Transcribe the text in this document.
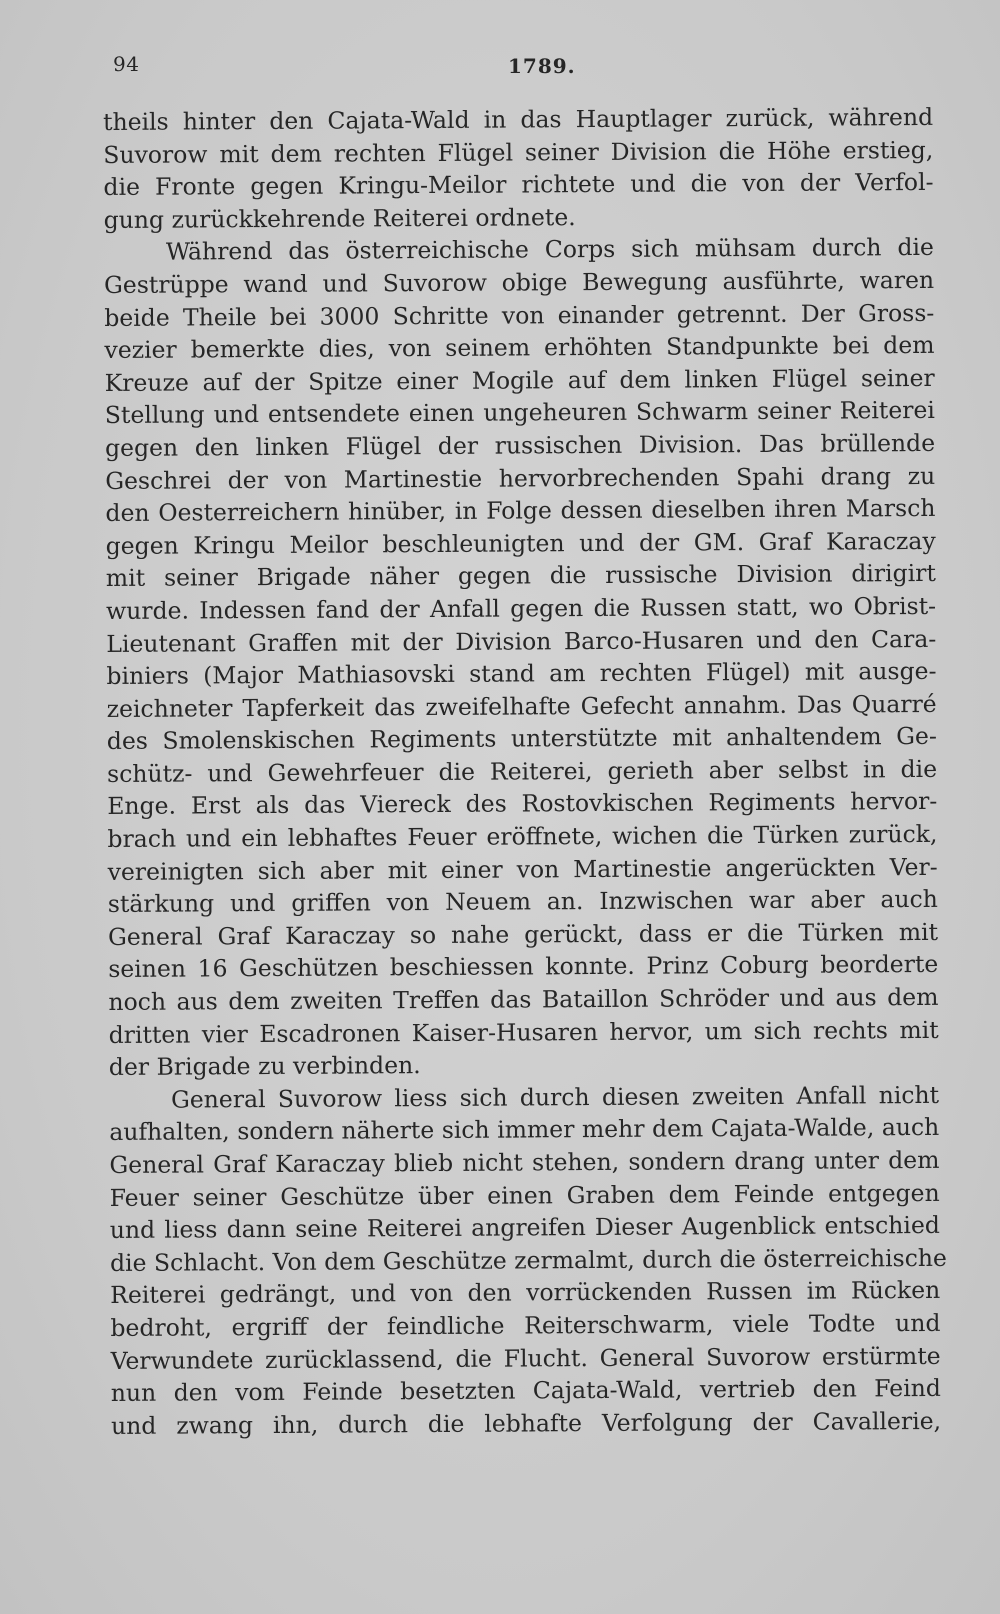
94	1789.
theils hinter den Cajata-Wald in das Hauptlager zurück, während
Suvorow mit dem rechten Flügel seiner Division die Höhe erstieg,
die Fronte gegen Kringu-Meilor richtete und die von der Verfol-
gung zurückkehrende Reiterei ordnete.
Während das österreichische Corps sich mühsam durch die
Gestrüppe wand und Suvorow obige Bewegung ausführte, waren
beide Theile bei 3000 Schritte von einander getrennt. Der Gross-
vezier bemerkte dies, von seinem erhöhten Standpunkte bei dem
Kreuze auf der Spitze einer Mogile auf dem linken Flügel seiner
Stellung und entsendete einen ungeheuren Schwarm seiner Reiterei
gegen den linken Flügel der russischen Division. Das brüllende
Geschrei der von Martinestie hervorbrechenden Spahi drang zu
den Oesterreichern hinüber, in Folge dessen dieselben ihren Marsch
gegen Kringu Meilor beschleunigten und der GM. Graf Karaczay
mit seiner Brigade näher gegen die russische Division dirigirt
wurde. Indessen fand der Anfall gegen die Russen statt, wo Obrist-
Lieutenant Graffen mit der Division Barco-Husaren und den Cara-
biniers (Major Mathiasovski stand am rechten Flügel) mit ausge-
zeichneter Tapferkeit das zweifelhafte Gefecht annahm. Das Quarré
des Smolenskischen Regiments unterstützte mit anhaltendem Ge-
schütz- und Gewehrfeuer die Reiterei, gerieth aber selbst in die
Enge. Erst als das Viereck des Rostovkischen Regiments hervor-
brach und ein lebhaftes Feuer eröffnete, wichen die Türken zurück,
vereinigten sich aber mit einer von Martinestie angerückten Ver-
stärkung und griffen von Neuem an. Inzwischen war aber auch
General Graf Karaczay so nahe gerückt, dass er die Türken mit
seinen 16 Geschützen beschiessen konnte. Prinz Coburg beorderte
noch aus dem zweiten Treffen das Bataillon Schröder und aus dem
dritten vier Escadronen Kaiser-Husaren hervor, um sich rechts mit
der Brigade zu verbinden.
General Suvorow liess sich durch diesen zweiten Anfall nicht
aufhalten, sondern näherte sich immer mehr dem Cajata-Walde, auch
General Graf Karaczay blieb nicht stehen, sondern drang unter dem
Feuer seiner Geschütze über einen Graben dem Feinde entgegen
und liess dann seine Reiterei angreifen Dieser Augenblick entschied
die Schlacht. Von dem Geschütze zermalmt, durch die österreichische
Reiterei gedrängt, und von den vorrückenden Russen im Rücken
bedroht, ergriff der feindliche Reiterschwarm, viele Todte und
Verwundete zurücklassend, die Flucht. General Suvorow erstürmte
nun den vom Feinde besetzten Cajata-Wald, vertrieb den Feind
und zwang ihn, durch die lebhafte Verfolgung der Cavallerie,
